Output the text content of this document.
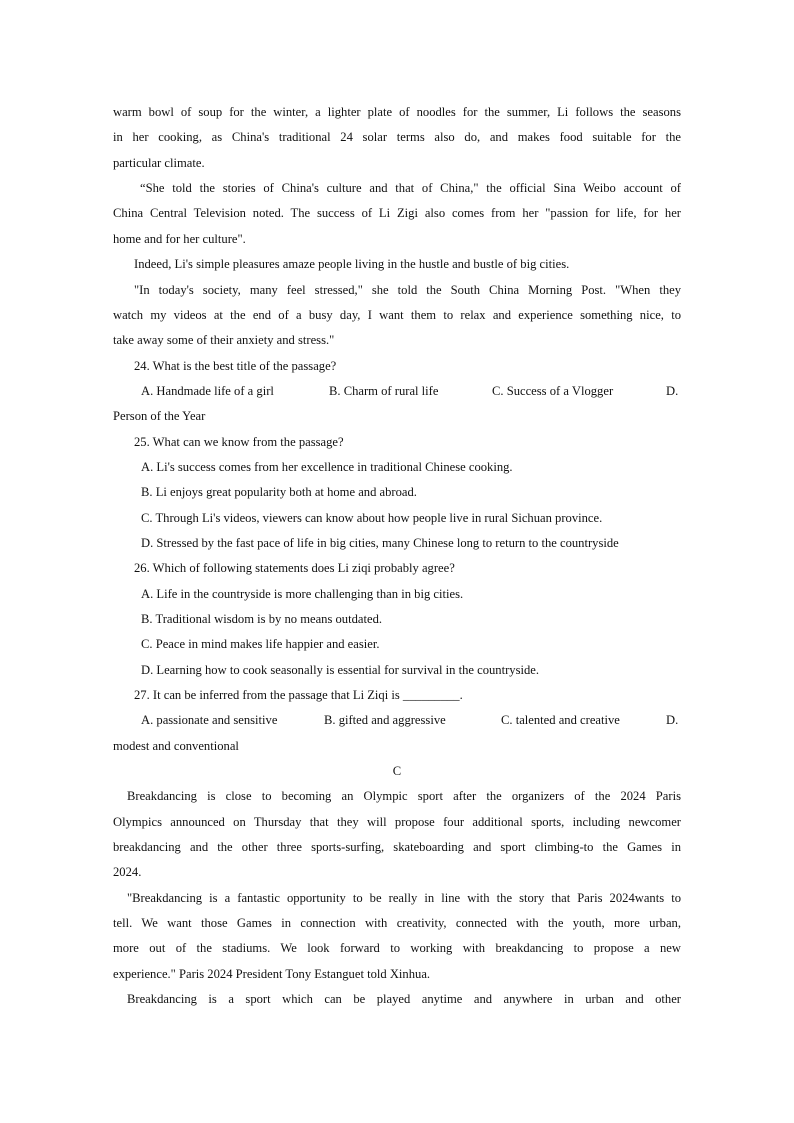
warm bowl of soup for the winter, a lighter plate of noodles for the summer, Li follows the seasons
in her cooking, as China's traditional 24 solar terms also do, and makes food suitable for the
particular climate.
“She told the stories of China's culture and that of China," the official Sina Weibo account of
China Central Television noted. The success of Li Zigi also comes from her "passion for life, for her
home and for her culture".
Indeed, Li's simple pleasures amaze people living in the hustle and bustle of big cities.
"In today's society, many feel stressed," she told the South China Morning Post. "When they
watch my videos at the end of a busy day, I want them to relax and experience something nice, to
take away some of their anxiety and stress."
24. What is the best title of the passage?
A. Handmade life of a girl	B. Charm of rural life	C. Success of a Vlogger	D.
Person of the Year
25. What can we know from the passage?
A. Li's success comes from her excellence in traditional Chinese cooking.
B. Li enjoys great popularity both at home and abroad.
C. Through Li's videos, viewers can know about how people live in rural Sichuan province.
D. Stressed by the fast pace of life in big cities, many Chinese long to return to the countryside
26. Which of following statements does Li ziqi probably agree?
A. Life in the countryside is more challenging than in big cities.
B. Traditional wisdom is by no means outdated.
C. Peace in mind makes life happier and easier.
D. Learning how to cook seasonally is essential for survival in the countryside.
27. It can be inferred from the passage that Li Ziqi is _________.
A. passionate and sensitive	B. gifted and aggressive	C. talented and creative	D.
modest and conventional
C
Breakdancing is close to becoming an Olympic sport after the organizers of the 2024 Paris
Olympics announced on Thursday that they will propose four additional sports, including newcomer
breakdancing and the other three sports-surfing, skateboarding and sport climbing-to the Games in
2024.
"Breakdancing is a fantastic opportunity to be really in line with the story that Paris 2024wants to
tell. We want those Games in connection with creativity, connected with the youth, more urban,
more out of the stadiums. We look forward to working with breakdancing to propose a new
experience." Paris 2024 President Tony Estanguet told Xinhua.
Breakdancing is a sport which can be played anytime and anywhere in urban and other
